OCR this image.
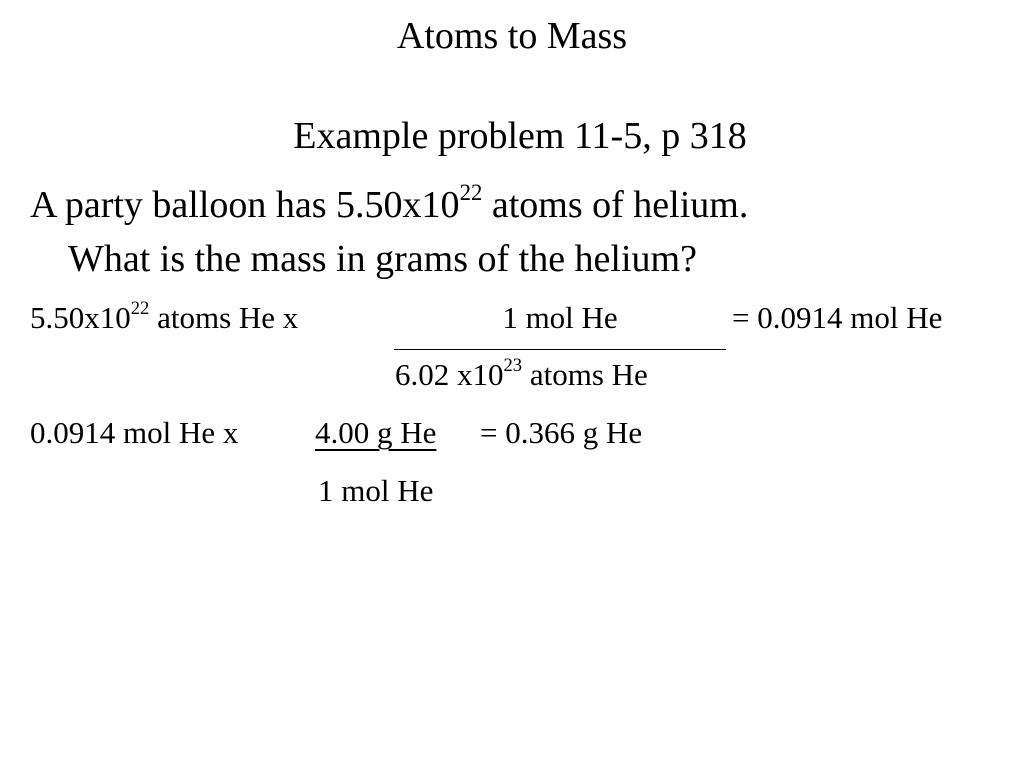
Atoms to Mass
Example problem 11-5, p 318
A party balloon has $5.50x10^{22}$ atoms of helium.
What is the mass in grams of the helium?
$5.50x10^{22}$ atoms He x	1 mol He	= 0.0914 mol He
6.02 $x10^{23}$ atoms He
0.0914 mol He x 4.00 g He = 0.366 g He
1 mol He
